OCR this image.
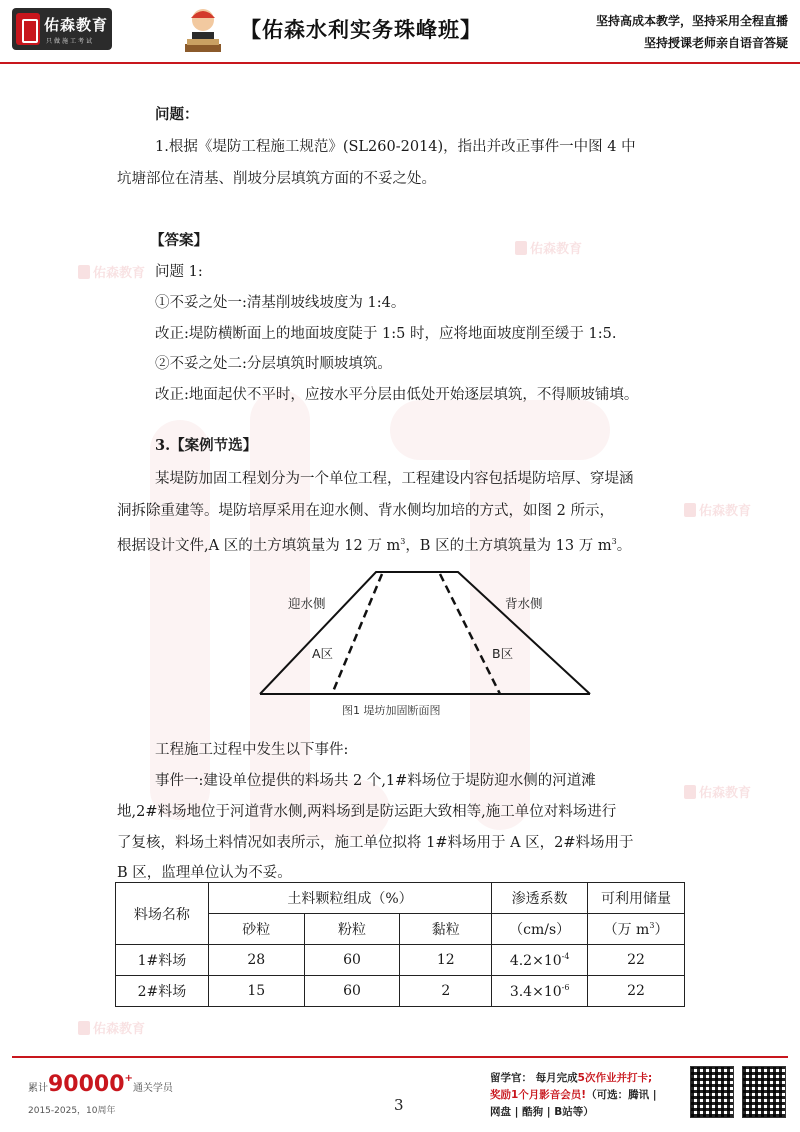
佑森教育
只做施工考试	【佑森水利实务珠峰班】	坚持高成本教学，坚持采用全程直播
坚持授课老师亲自语音答疑
佑森教育
佑森教育
佑森教育
佑森教育
佑森教育
问题：
1.根据《堤防工程施工规范》(SL260-2014)，指出并改正事件一中图 4 中
坑塘部位在清基、削坡分层填筑方面的不妥之处。
【答案】
问题 1:
①不妥之处一:清基削坡线坡度为 1:4。
改正:堤防横断面上的地面坡度陡于 1:5 时，应将地面坡度削至缓于 1:5.
②不妥之处二:分层填筑时顺坡填筑。
改正:地面起伏不平时，应按水平分层由低处开始逐层填筑，不得顺坡铺填。
3.【案例节选】
某堤防加固工程划分为一个单位工程，工程建设内容包括堤防培厚、穿堤涵
洞拆除重建等。堤防培厚采用在迎水侧、背水侧均加培的方式，如图 2 所示，
根据设计文件,A 区的土方填筑量为 12 万 $m^3$，B 区的土方填筑量为 13 万 $m^3$。
迎水侧	背水侧
A区	B区
图1 堤坊加固断面图
工程施工过程中发生以下事件:
事件一:建设单位提供的料场共 2 个,1#料场位于堤防迎水侧的河道滩
地,2#料场地位于河道背水侧,两料场到是防运距大致相等,施工单位对料场进行
了复核，料场土料情况如表所示，施工单位拟将 1#料场用于 A 区，2#料场用于
B 区，监理单位认为不妥。
料场名称	土料颗粒组成（%）			渗透系数	可利用储量
	砂粒	粉粒	黏粒	（cm/s）	（万 $m^3$）
1#料场	28	60	12	$4.2\times 10^{-4}$	22
2#料场	15	60	2	$3.4\times 10^{-6}$	22
累计90000+通关学员
2015-2025，10周年	3
留学官： 每月完成5次作业并打卡;
奖励1个月影音会员!（可选：腾讯 |
网盘 | 酷狗 | B站等）
